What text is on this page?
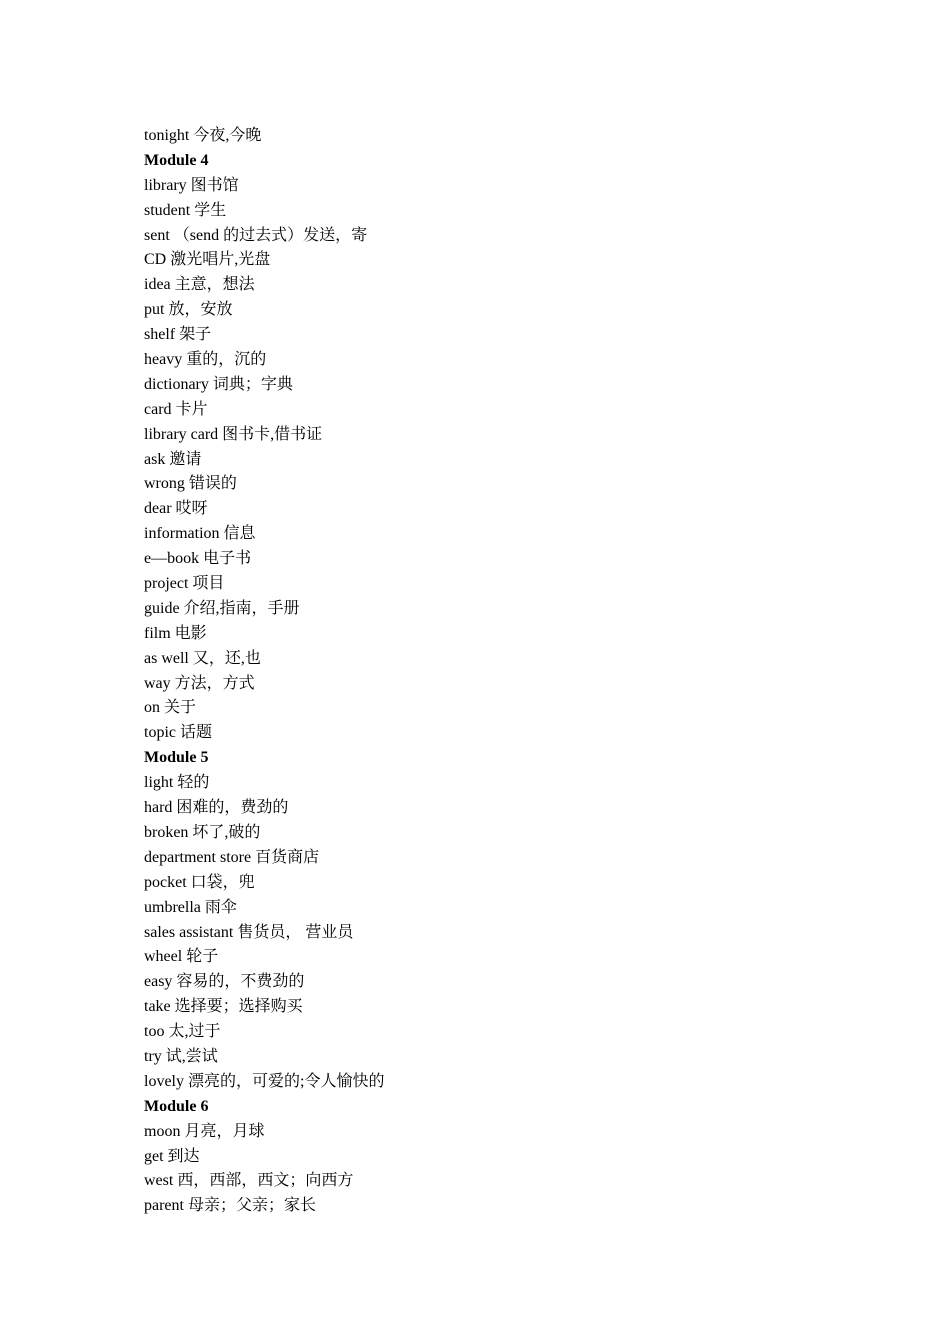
tonight 今夜,今晚
Module 4
library 图书馆
student 学生
sent （send 的过去式）发送，寄
CD 激光唱片,光盘
idea 主意，想法
put 放，安放
shelf 架子
heavy 重的，沉的
dictionary 词典；字典
card 卡片
library card 图书卡,借书证
ask 邀请
wrong 错误的
dear 哎呀
information 信息
e—book 电子书
project 项目
guide 介绍,指南，手册
film 电影
as well 又，还,也
way 方法，方式
on 关于
topic 话题
Module 5
light 轻的
hard 困难的，费劲的
broken 坏了,破的
department store 百货商店
pocket 口袋，兜
umbrella 雨伞
sales assistant 售货员， 营业员
wheel 轮子
easy 容易的，不费劲的
take 选择要；选择购买
too 太,过于
try 试,尝试
lovely 漂亮的，可爱的;令人愉快的
Module 6
moon 月亮，月球
get 到达
west 西，西部，西文；向西方
parent 母亲；父亲；家长
